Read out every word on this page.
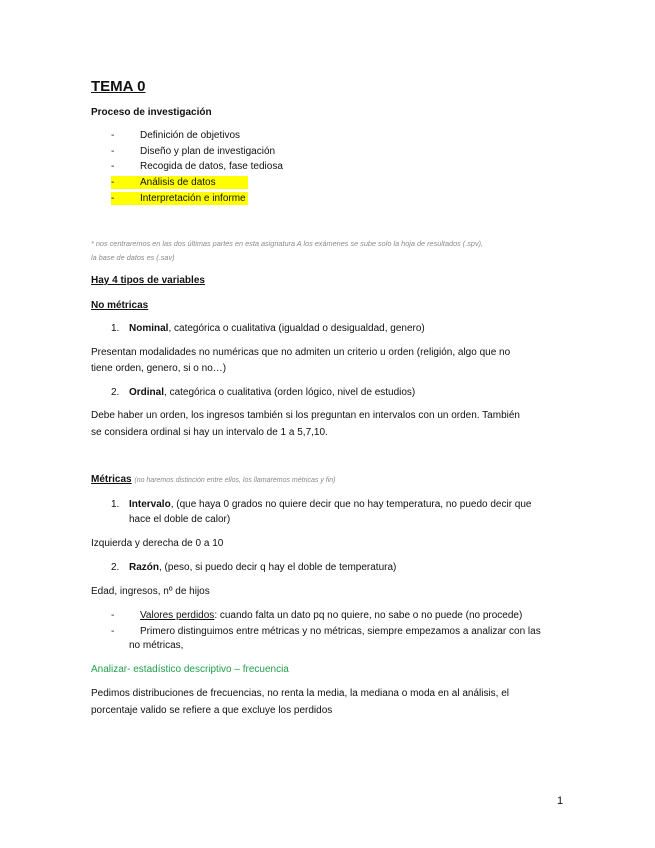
TEMA 0
Proceso de investigación
-	Definición de objetivos
-	Diseño y plan de investigación
-	Recogida de datos, fase tediosa
-	Análisis de datos
-	Interpretación e informe
* nos centraremos en las dos últimas partes en esta asignatura A los exámenes se sube solo la hoja de resultados (.spv),
la base de datos es (.sav)
Hay 4 tipos de variables
No métricas
1. Nominal, categórica o cualitativa (igualdad o desigualdad, genero)
Presentan modalidades no numéricas que no admiten un criterio u orden (religión, algo que no
tiene orden, genero, si o no…)
2. Ordinal, categórica o cualitativa (orden lógico, nivel de estudios)
Debe haber un orden, los ingresos también si los preguntan en intervalos con un orden. También
se considera ordinal si hay un intervalo de 1 a 5,7,10.
Métricas (no haremos distinción entre ellos, los llamaremos métricas y fin)
1. Intervalo, (que haya 0 grados no quiere decir que no hay temperatura, no puedo decir que
hace el doble de calor)
Izquierda y derecha de 0 a 10
2. Razón, (peso, si puedo decir q hay el doble de temperatura)
Edad, ingresos, nº de hijos
-	Valores perdidos: cuando falta un dato pq no quiere, no sabe o no puede (no procede)
-	Primero distinguimos entre métricas y no métricas, siempre empezamos a analizar con las
no métricas,
Analizar- estadístico descriptivo – frecuencia
Pedimos distribuciones de frecuencias, no renta la media, la mediana o moda en al análisis, el
porcentaje valido se refiere a que excluye los perdidos
1
